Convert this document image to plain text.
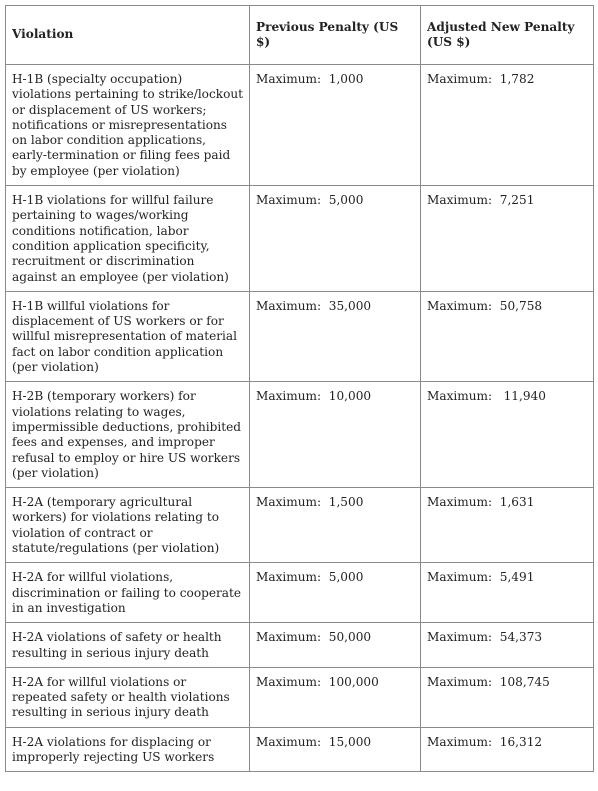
Violation	Previous Penalty (US $)	Adjusted New Penalty (US $)
H-1B (specialty occupation) violations pertaining to strike/lockout or displacement of US workers; notifications or misrepresentations on labor condition applications, early-termination or filing fees paid by employee (per violation)	Maximum:  1,000	Maximum:  1,782
H-1B violations for willful failure pertaining to wages/working conditions notification, labor condition application specificity, recruitment or discrimination against an employee (per violation)	Maximum:  5,000	Maximum:  7,251
H-1B willful violations for displacement of US workers or for willful misrepresentation of material fact on labor condition application (per violation)	Maximum:  35,000	Maximum:  50,758
H-2B (temporary workers) for violations relating to wages, impermissible deductions, prohibited fees and expenses, and improper refusal to employ or hire US workers (per violation)	Maximum:  10,000	Maximum:   11,940
H-2A (temporary agricultural workers) for violations relating to violation of contract or statute/regulations (per violation)	Maximum:  1,500	Maximum:  1,631
H-2A for willful violations, discrimination or failing to cooperate in an investigation	Maximum:  5,000	Maximum:  5,491
H-2A violations of safety or health resulting in serious injury death	Maximum:  50,000	Maximum:  54,373
H-2A for willful violations or repeated safety or health violations resulting in serious injury death	Maximum:  100,000	Maximum:  108,745
H-2A violations for displacing or improperly rejecting US workers	Maximum:  15,000	Maximum:  16,312
